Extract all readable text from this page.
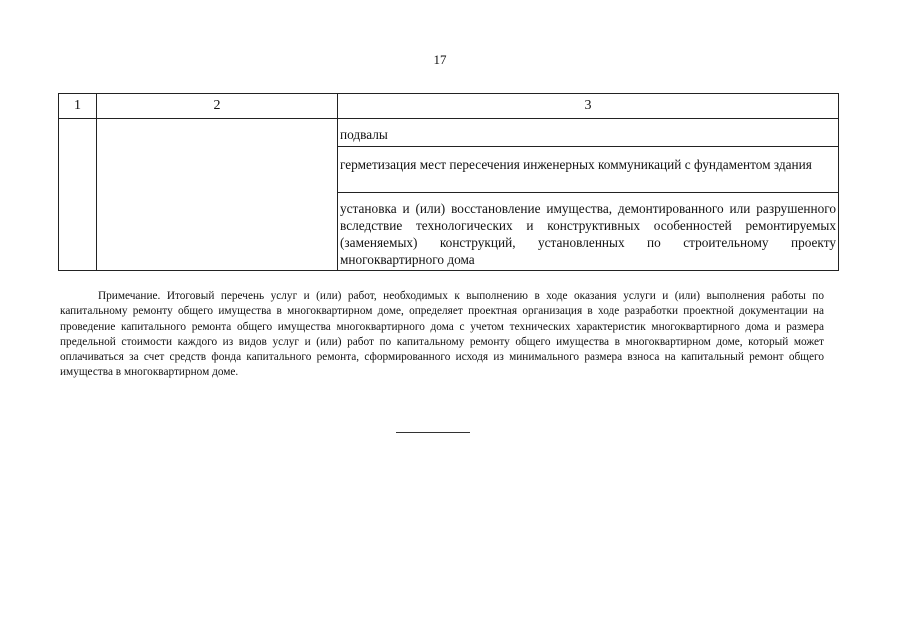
17
1	2	3
подвалы
герметизация мест пересечения инженерных коммуникаций с фундаментом здания
установка и (или) восстановление имущества, демонтированного или разрушенного вследствие технологических и конструктивных особенностей ремонтируемых (заменяемых) конструкций, установленных по строительному проекту многоквартирного дома

Примечание. Итоговый перечень услуг и (или) работ, необходимых к выполнению в ходе оказания услуги и (или) выполнения работы по капитальному ремонту общего имущества в многоквартирном доме, определяет проектная организация в ходе разработки проектной документации на проведение капитального ремонта общего имущества многоквартирного дома с учетом технических характеристик многоквартирного дома и размера предельной стоимости каждого из видов услуг и (или) работ по капитальному ремонту общего имущества в многоквартирном доме, который может оплачиваться за счет средств фонда капитального ремонта, сформированного исходя из минимального размера взноса на капитальный ремонт общего имущества в многоквартирном доме.
